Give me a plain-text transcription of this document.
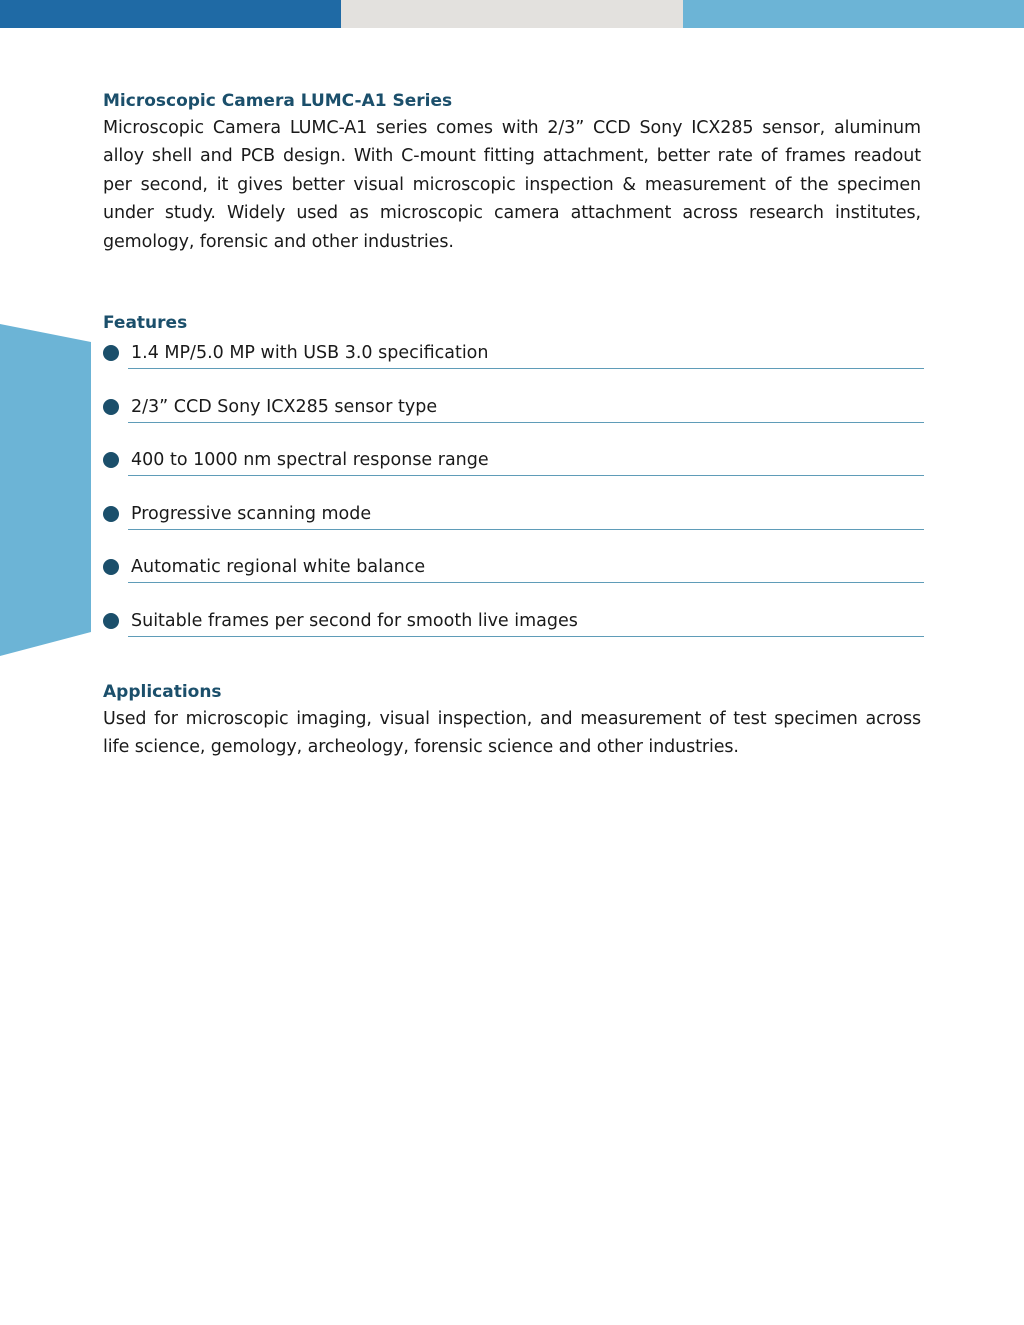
Microscopic Camera LUMC-A1 Series

Microscopic Camera LUMC-A1 series comes with 2/3” CCD Sony ICX285 sensor, aluminum alloy shell and PCB design. With C-mount fitting attachment, better rate of frames readout per second, it gives better visual microscopic inspection & measurement of the specimen under study. Widely used as microscopic camera attachment across research institutes, gemology, forensic and other industries.

Features
1.4 MP/5.0 MP with USB 3.0 specification
2/3” CCD Sony ICX285 sensor type
400 to 1000 nm spectral response range
Progressive scanning mode
Automatic regional white balance
Suitable frames per second for smooth live images
Applications

Used for microscopic imaging, visual inspection, and measurement of test specimen across life science, gemology, archeology, forensic science and other industries.
